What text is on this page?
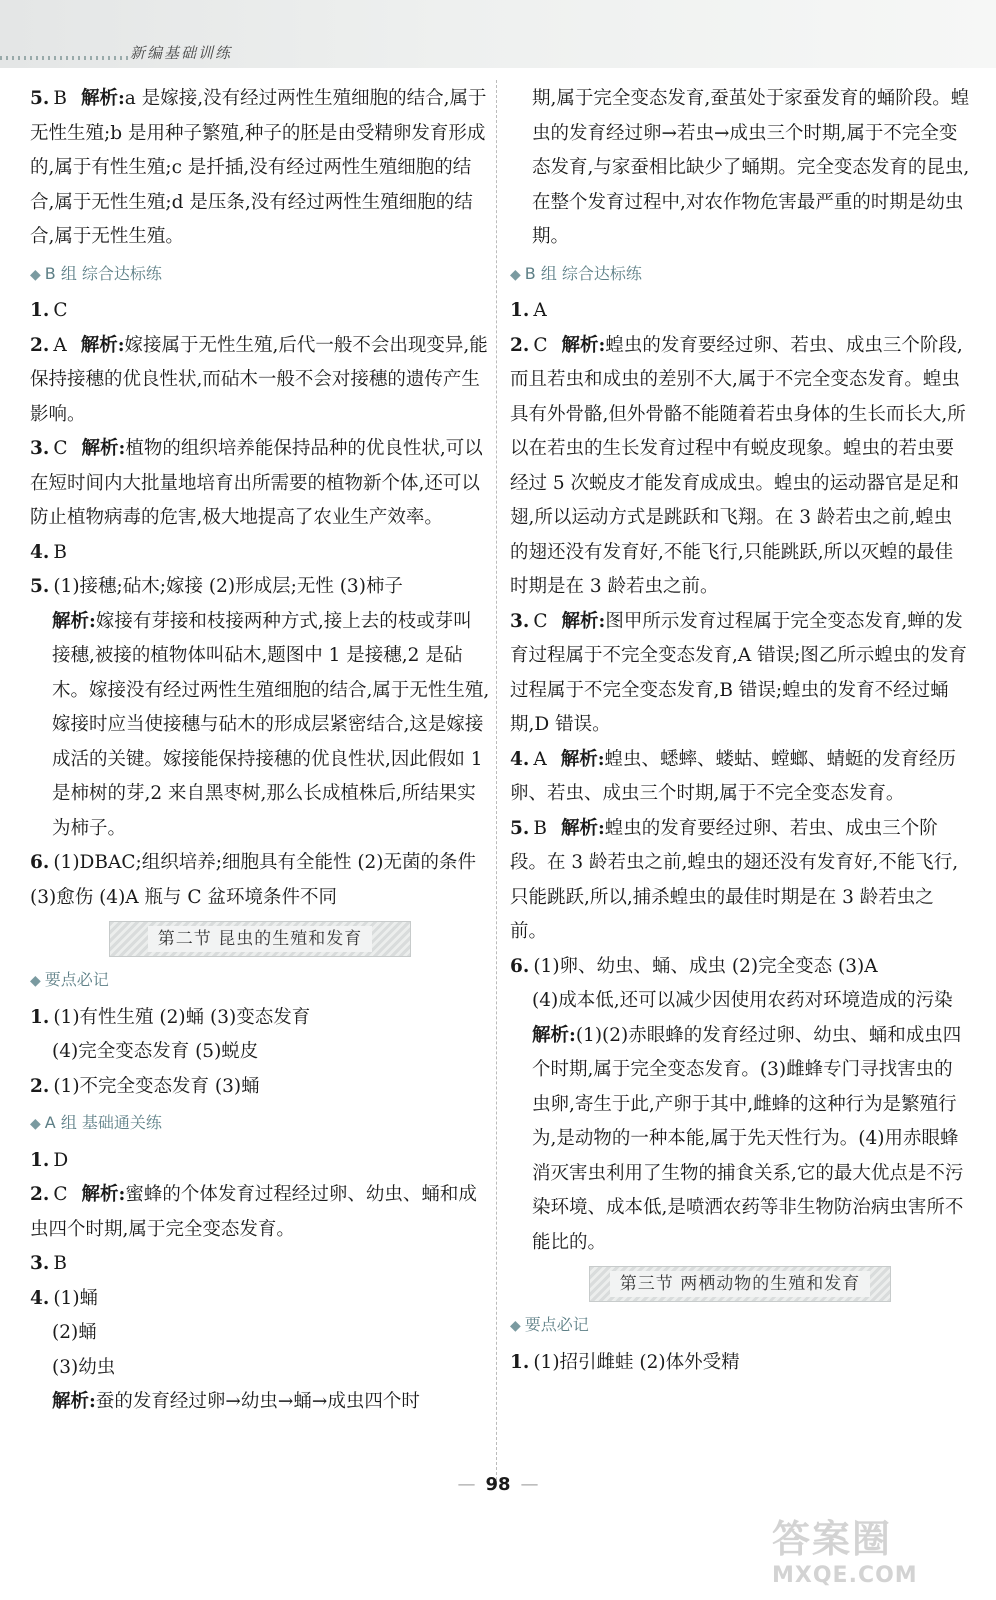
新编基础训练
5. B 解析:a 是嫁接,没有经过两性生殖细胞的结合,属于无性生殖;b 是用种子繁殖,种子的胚是由受精卵发育形成的,属于有性生殖;c 是扦插,没有经过两性生殖细胞的结合,属于无性生殖;d 是压条,没有经过两性生殖细胞的结合,属于无性生殖。
◆ B 组 综合达标练
1. C
2. A 解析:嫁接属于无性生殖,后代一般不会出现变异,能保持接穗的优良性状,而砧木一般不会对接穗的遗传产生影响。
3. C 解析:植物的组织培养能保持品种的优良性状,可以在短时间内大批量地培育出所需要的植物新个体,还可以防止植物病毒的危害,极大地提高了农业生产效率。
4. B
5. (1)接穗;砧木;嫁接 (2)形成层;无性 (3)柿子
解析:嫁接有芽接和枝接两种方式,接上去的枝或芽叫接穗,被接的植物体叫砧木,题图中 1 是接穗,2 是砧木。嫁接没有经过两性生殖细胞的结合,属于无性生殖,嫁接时应当使接穗与砧木的形成层紧密结合,这是嫁接成活的关键。嫁接能保持接穗的优良性状,因此假如 1 是柿树的芽,2 来自黑枣树,那么长成植株后,所结果实为柿子。
6. (1)DBAC;组织培养;细胞具有全能性 (2)无菌的条件 (3)愈伤 (4)A 瓶与 C 盆环境条件不同
第二节 昆虫的生殖和发育
◆ 要点必记
1. (1)有性生殖 (2)蛹 (3)变态发育
(4)完全变态发育 (5)蜕皮
2. (1)不完全变态发育 (3)蛹
◆ A 组 基础通关练
1. D
2. C 解析:蜜蜂的个体发育过程经过卵、幼虫、蛹和成虫四个时期,属于完全变态发育。
3. B
4. (1)蛹
(2)蛹
(3)幼虫
解析:蚕的发育经过卵→幼虫→蛹→成虫四个时
期,属于完全变态发育,蚕茧处于家蚕发育的蛹阶段。蝗虫的发育经过卵→若虫→成虫三个时期,属于不完全变态发育,与家蚕相比缺少了蛹期。完全变态发育的昆虫,在整个发育过程中,对农作物危害最严重的时期是幼虫期。
◆ B 组 综合达标练
1. A
2. C 解析:蝗虫的发育要经过卵、若虫、成虫三个阶段,而且若虫和成虫的差别不大,属于不完全变态发育。蝗虫具有外骨骼,但外骨骼不能随着若虫身体的生长而长大,所以在若虫的生长发育过程中有蜕皮现象。蝗虫的若虫要经过 5 次蜕皮才能发育成成虫。蝗虫的运动器官是足和翅,所以运动方式是跳跃和飞翔。在 3 龄若虫之前,蝗虫的翅还没有发育好,不能飞行,只能跳跃,所以灭蝗的最佳时期是在 3 龄若虫之前。
3. C 解析:图甲所示发育过程属于完全变态发育,蝉的发育过程属于不完全变态发育,A 错误;图乙所示蝗虫的发育过程属于不完全变态发育,B 错误;蝗虫的发育不经过蛹期,D 错误。
4. A 解析:蝗虫、蟋蟀、蝼蛄、螳螂、蜻蜓的发育经历卵、若虫、成虫三个时期,属于不完全变态发育。
5. B 解析:蝗虫的发育要经过卵、若虫、成虫三个阶段。在 3 龄若虫之前,蝗虫的翅还没有发育好,不能飞行,只能跳跃,所以,捕杀蝗虫的最佳时期是在 3 龄若虫之前。
6. (1)卵、幼虫、蛹、成虫 (2)完全变态 (3)A
(4)成本低,还可以减少因使用农药对环境造成的污染
解析:(1)(2)赤眼蜂的发育经过卵、幼虫、蛹和成虫四个时期,属于完全变态发育。(3)雌蜂专门寻找害虫的虫卵,寄生于此,产卵于其中,雌蜂的这种行为是繁殖行为,是动物的一种本能,属于先天性行为。(4)用赤眼蜂消灭害虫利用了生物的捕食关系,它的最大优点是不污染环境、成本低,是喷洒农药等非生物防治病虫害所不能比的。
第三节 两栖动物的生殖和发育
◆ 要点必记
1. (1)招引雌蛙 (2)体外受精
— 98 —
答案圈
MXQE.COM
